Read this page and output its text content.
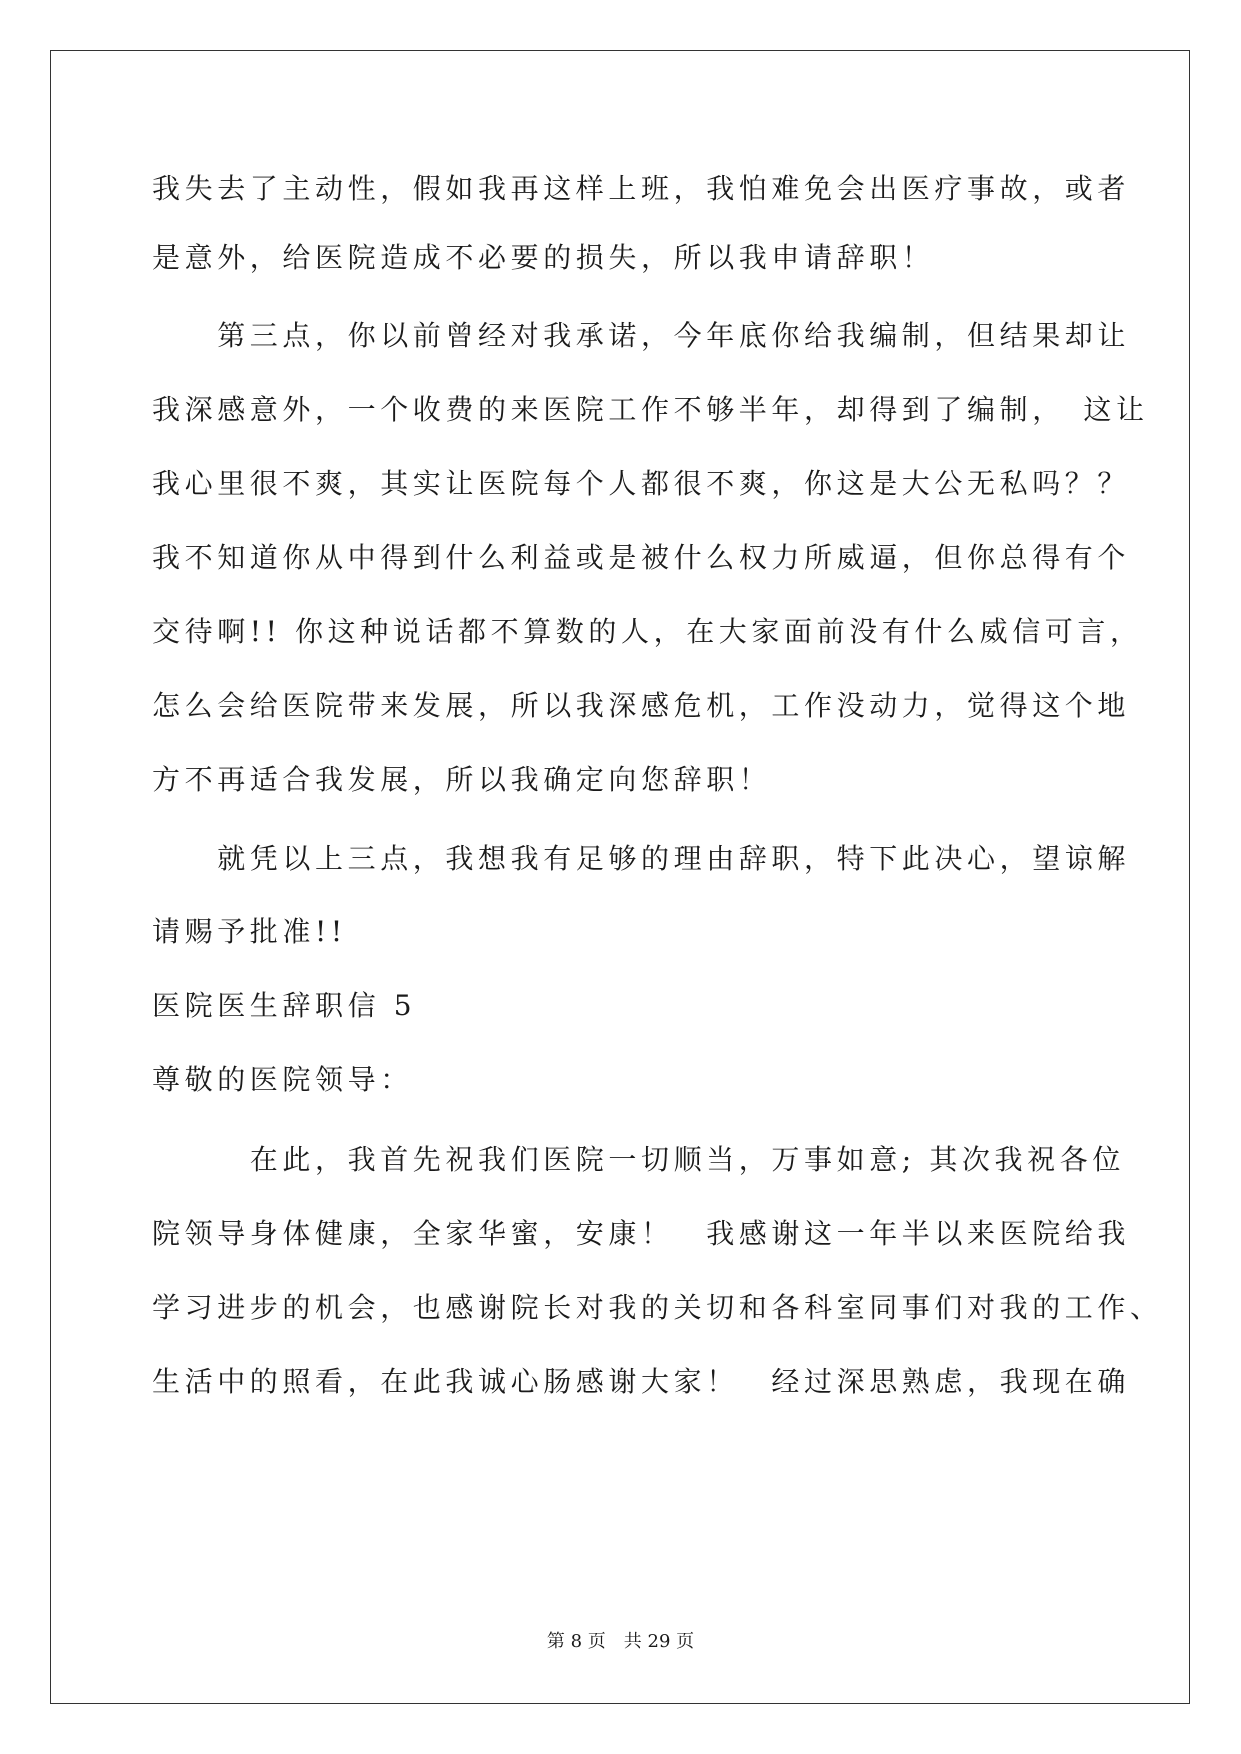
我失去了主动性，假如我再这样上班，我怕难免会出医疗事故，或者
是意外，给医院造成不必要的损失，所以我申请辞职！
　　第三点，你以前曾经对我承诺，今年底你给我编制，但结果却让
我深感意外，一个收费的来医院工作不够半年，却得到了编制，　这让
我心里很不爽，其实让医院每个人都很不爽，你这是大公无私吗？？
我不知道你从中得到什么利益或是被什么权力所威逼，但你总得有个
交待啊!! 你这种说话都不算数的人，在大家面前没有什么威信可言，
怎么会给医院带来发展，所以我深感危机，工作没动力，觉得这个地
方不再适合我发展，所以我确定向您辞职！
　　就凭以上三点，我想我有足够的理由辞职，特下此决心，望谅解
请赐予批准!!
医院医生辞职信 5
尊敬的医院领导：
　　　在此，我首先祝我们医院一切顺当，万事如意; 其次我祝各位
院领导身体健康，全家华蜜，安康！　我感谢这一年半以来医院给我
学习进步的机会，也感谢院长对我的关切和各科室同事们对我的工作、
生活中的照看，在此我诚心肠感谢大家！　经过深思熟虑，我现在确
第 8 页　共 29 页
